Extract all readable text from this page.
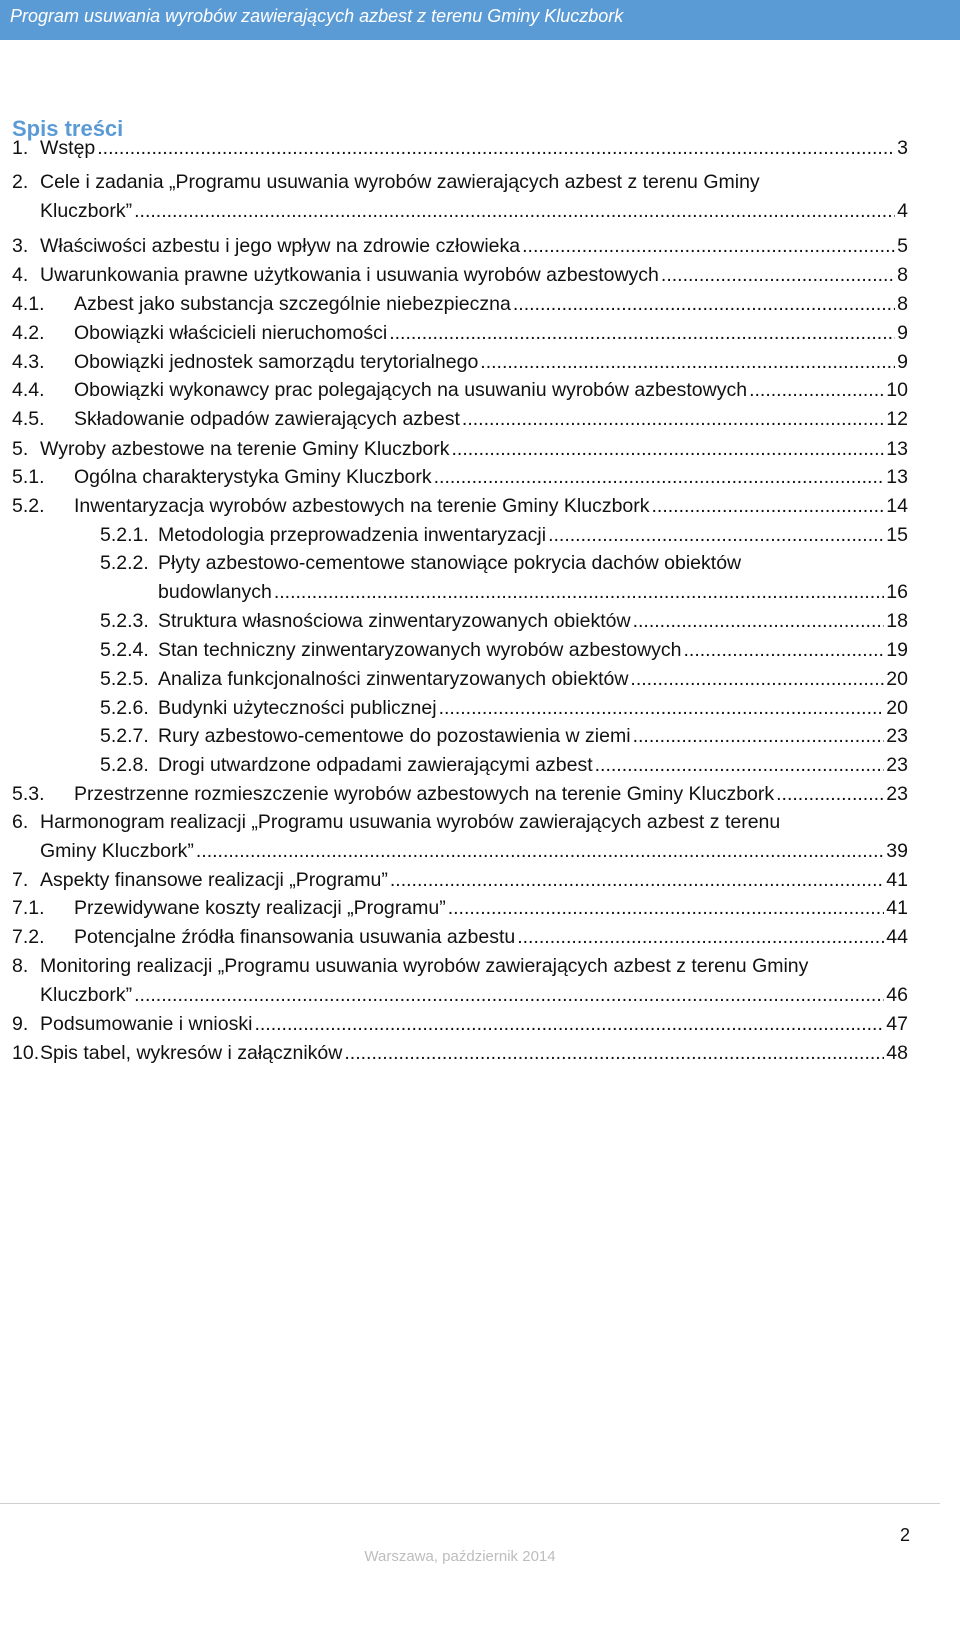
Program usuwania wyrobów zawierających azbest z terenu Gminy Kluczbork
Spis treści
1. Wstęp .....	3
2. Cele i zadania „Programu usuwania wyrobów zawierających azbest z terenu Gminy
Kluczbork” .....	4
3. Właściwości azbestu i jego wpływ na zdrowie człowieka .....	5
4. Uwarunkowania prawne użytkowania i usuwania wyrobów azbestowych .....	8
4.1.	Azbest jako substancja szczególnie niebezpieczna .....	8
4.2.	Obowiązki właścicieli nieruchomości .....	9
4.3.	Obowiązki jednostek samorządu terytorialnego .....	9
4.4.	Obowiązki wykonawcy prac polegających na usuwaniu wyrobów azbestowych .....	10
4.5.	Składowanie odpadów zawierających azbest .....	12
5. Wyroby azbestowe na terenie Gminy Kluczbork .....	13
5.1.	Ogólna charakterystyka Gminy Kluczbork .....	13
5.2.	Inwentaryzacja wyrobów azbestowych na terenie Gminy Kluczbork .....	14
5.2.1. Metodologia przeprowadzenia inwentaryzacji .....	15
5.2.2. Płyty azbestowo-cementowe stanowiące pokrycia dachów obiektów
budowlanych .....	16
5.2.3. Struktura własnościowa zinwentaryzowanych obiektów .....	18
5.2.4. Stan techniczny zinwentaryzowanych wyrobów azbestowych .....	19
5.2.5. Analiza funkcjonalności zinwentaryzowanych obiektów .....	20
5.2.6. Budynki użyteczności publicznej .....	20
5.2.7. Rury azbestowo-cementowe do pozostawienia w ziemi .....	23
5.2.8. Drogi utwardzone odpadami zawierającymi azbest .....	23
5.3.	Przestrzenne rozmieszczenie wyrobów azbestowych na terenie Gminy Kluczbork .....	23
6. Harmonogram realizacji „Programu usuwania wyrobów zawierających azbest z terenu
Gminy Kluczbork” .....	39
7. Aspekty finansowe realizacji „Programu” .....	41
7.1.	Przewidywane koszty realizacji „Programu” .....	41
7.2.	Potencjalne źródła finansowania usuwania azbestu .....	44
8. Monitoring realizacji „Programu usuwania wyrobów zawierających azbest z terenu Gminy
Kluczbork” .....	46
9. Podsumowanie i wnioski .....	47
10. Spis tabel, wykresów i załączników .....	48
2
Warszawa, październik 2014
